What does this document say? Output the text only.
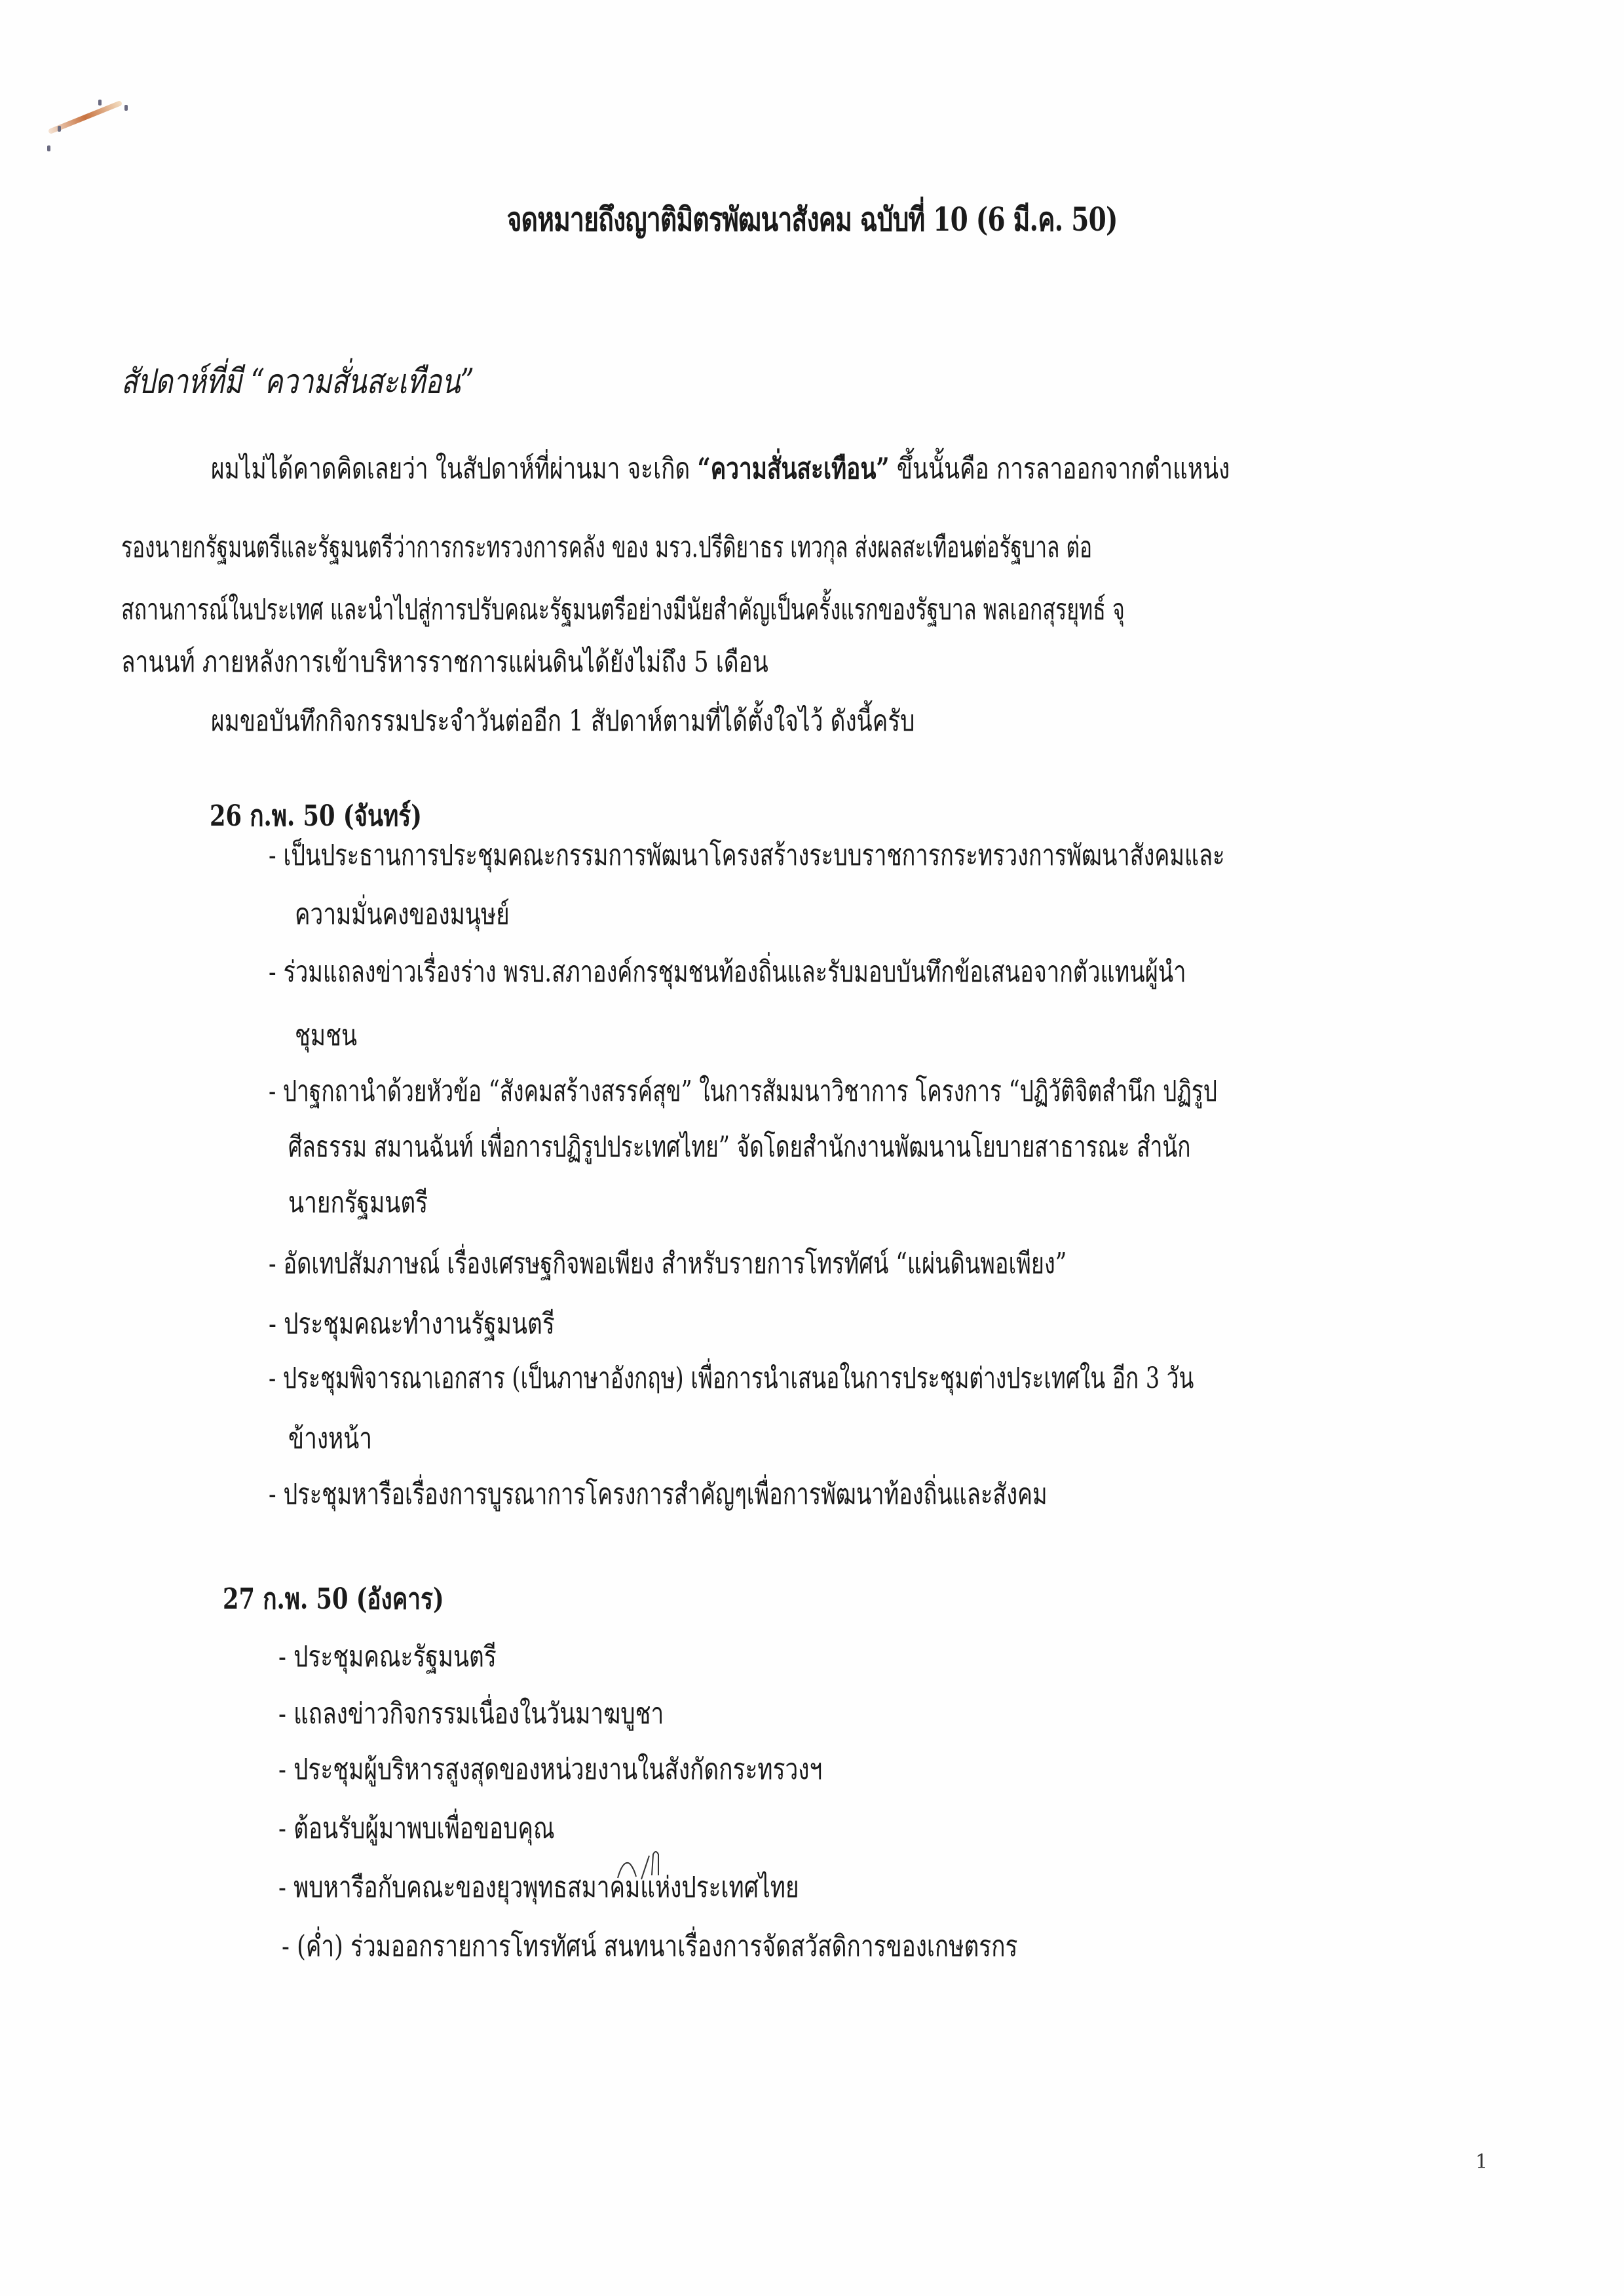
จดหมายถึงญาติมิตรพัฒนาสังคม ฉบับที่ 10 (6 มี.ค. 50)
สัปดาห์ที่มี “ความสั่นสะเทือน”
ผมไม่ได้คาดคิดเลยว่า ในสัปดาห์ที่ผ่านมา จะเกิด “ความสั่นสะเทือน” ขึ้นนั้นคือ การลาออกจากตำแหน่ง
รองนายกรัฐมนตรีและรัฐมนตรีว่าการกระทรวงการคลัง ของ มรว.ปรีดิยาธร เทวกุล ส่งผลสะเทือนต่อรัฐบาล ต่อ
สถานการณ์ในประเทศ และนำไปสู่การปรับคณะรัฐมนตรีอย่างมีนัยสำคัญเป็นครั้งแรกของรัฐบาล พลเอกสุรยุทธ์ จุ
ลานนท์ ภายหลังการเข้าบริหารราชการแผ่นดินได้ยังไม่ถึง 5 เดือน
ผมขอบันทึกกิจกรรมประจำวันต่ออีก 1 สัปดาห์ตามที่ได้ตั้งใจไว้ ดังนี้ครับ
26 ก.พ. 50 (จันทร์)
- เป็นประธานการประชุมคณะกรรมการพัฒนาโครงสร้างระบบราชการกระทรวงการพัฒนาสังคมและ
ความมั่นคงของมนุษย์
- ร่วมแถลงข่าวเรื่องร่าง พรบ.สภาองค์กรชุมชนท้องถิ่นและรับมอบบันทึกข้อเสนอจากตัวแทนผู้นำ
ชุมชน
- ปาฐกถานำด้วยหัวข้อ “สังคมสร้างสรรค์สุข” ในการสัมมนาวิชาการ โครงการ “ปฏิวัติจิตสำนึก ปฏิรูป
ศีลธรรม สมานฉันท์ เพื่อการปฏิรูปประเทศไทย” จัดโดยสำนักงานพัฒนานโยบายสาธารณะ สำนัก
นายกรัฐมนตรี
- อัดเทปสัมภาษณ์ เรื่องเศรษฐกิจพอเพียง สำหรับรายการโทรทัศน์ “แผ่นดินพอเพียง”
- ประชุมคณะทำงานรัฐมนตรี
- ประชุมพิจารณาเอกสาร (เป็นภาษาอังกฤษ) เพื่อการนำเสนอในการประชุมต่างประเทศใน อีก 3 วัน
ข้างหน้า
- ประชุมหารือเรื่องการบูรณาการโครงการสำคัญๆเพื่อการพัฒนาท้องถิ่นและสังคม
27 ก.พ. 50 (อังคาร)
- ประชุมคณะรัฐมนตรี
- แถลงข่าวกิจกรรมเนื่องในวันมาฆบูชา
- ประชุมผู้บริหารสูงสุดของหน่วยงานในสังกัดกระทรวงฯ
- ต้อนรับผู้มาพบเพื่อขอบคุณ
- พบหารือกับคณะของยุวพุทธสมาคมแห่งประเทศไทย
- (ค่ำ) ร่วมออกรายการโทรทัศน์ สนทนาเรื่องการจัดสวัสดิการของเกษตรกร
1
